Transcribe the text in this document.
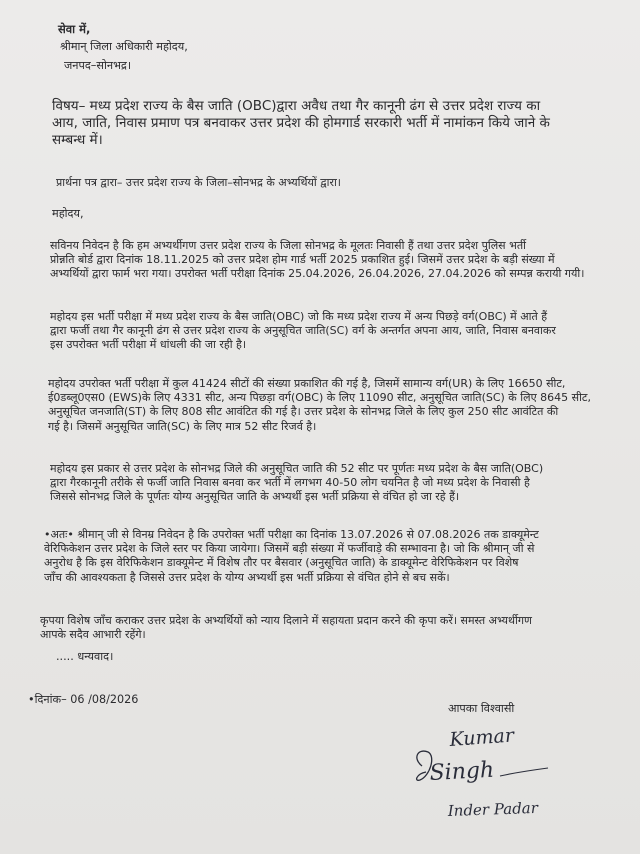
सेवा में,
श्रीमान् जिला अधिकारी महोदय,
जनपद–सोनभद्र।
विषय– मध्य प्रदेश राज्य के बैस जाति (OBC)द्वारा अवैध तथा गैर कानूनी ढंग से उत्तर प्रदेश राज्य का
आय, जाति, निवास प्रमाण पत्र बनवाकर उत्तर प्रदेश की होमगार्ड सरकारी भर्ती में नामांकन किये जाने के
सम्बन्ध में।
प्रार्थना पत्र द्वारा– उत्तर प्रदेश राज्य के जिला–सोनभद्र के अभ्यर्थियों द्वारा।
महोदय,
सविनय निवेदन है कि हम अभ्यर्थीगण उत्तर प्रदेश राज्य के जिला सोनभद्र के मूलतः निवासी हैं तथा उत्तर प्रदेश पुलिस भर्ती
प्रोन्नति बोर्ड द्वारा दिनांक 18.11.2025 को उत्तर प्रदेश होम गार्ड भर्ती 2025 प्रकाशित हुई। जिसमें उत्तर प्रदेश के बड़ी संख्या में
अभ्यर्थियों द्वारा फार्म भरा गया। उपरोक्त भर्ती परीक्षा दिनांक 25.04.2026, 26.04.2026, 27.04.2026 को सम्पन्न करायी गयी।
महोदय इस भर्ती परीक्षा में मध्य प्रदेश राज्य के बैस जाति(OBC) जो कि मध्य प्रदेश राज्य में अन्य पिछड़े वर्ग(OBC) में आते हैं
द्वारा फर्जी तथा गैर कानूनी ढंग से उत्तर प्रदेश राज्य के अनुसूचित जाति(SC) वर्ग के अन्तर्गत अपना आय, जाति, निवास बनवाकर
इस उपरोक्त भर्ती परीक्षा में धांधली की जा रही है।
महोदय उपरोक्त भर्ती परीक्षा में कुल 41424 सीटों की संख्या प्रकाशित की गई है, जिसमें सामान्य वर्ग(UR) के लिए 16650 सीट,
ई0डब्लू0एस0 (EWS)के लिए 4331 सीट, अन्य पिछड़ा वर्ग(OBC) के लिए 11090 सीट, अनुसूचित जाति(SC) के लिए 8645 सीट,
अनुसूचित जनजाति(ST) के लिए 808 सीट आवंटित की गई है। उत्तर प्रदेश के सोनभद्र जिले के लिए कुल 250 सीट आवंटित की
गई है। जिसमें अनुसूचित जाति(SC) के लिए मात्र 52 सीट रिजर्व है।
महोदय इस प्रकार से उत्तर प्रदेश के सोनभद्र जिले की अनुसूचित जाति की 52 सीट पर पूर्णतः मध्य प्रदेश के बैस जाति(OBC)
द्वारा गैरकानूनी तरीके से फर्जी जाति निवास बनवा कर भर्ती में लगभग 40-50 लोग चयनित है जो मध्य प्रदेश के निवासी है
जिससे सोनभद्र जिले के पूर्णतः योग्य अनुसूचित जाति के अभ्यर्थी इस भर्ती प्रक्रिया से वंचित हो जा रहे हैं।
•अतः• श्रीमान् जी से विनम्र निवेदन है कि उपरोक्त भर्ती परीक्षा का दिनांक 13.07.2026 से 07.08.2026 तक डाक्यूमेन्ट
वेरिफिकेशन उत्तर प्रदेश के जिले स्तर पर किया जायेगा। जिसमें बड़ी संख्या में फर्जीवाड़े की सम्भावना है। जो कि श्रीमान् जी से
अनुरोध है कि इस वेरिफिकेशन डाक्यूमेन्ट में विशेष तौर पर बैसवार (अनुसूचित जाति) के डाक्यूमेन्ट वेरिफिकेशन पर विशेष
जाँच की आवश्यकता है जिससे उत्तर प्रदेश के योग्य अभ्यर्थी इस भर्ती प्रक्रिया से वंचित होने से बच सकें।
कृपया विशेष जाँच कराकर उत्तर प्रदेश के अभ्यर्थियों को न्याय दिलाने में सहायता प्रदान करने की कृपा करें। समस्त अभ्यर्थीगण
आपके सदैव आभारी रहेंगे।
..... धन्यवाद।
•दिनांक– 06 /08/2026
आपका विश्वासी
Kumar
Singh
Inder Padar
